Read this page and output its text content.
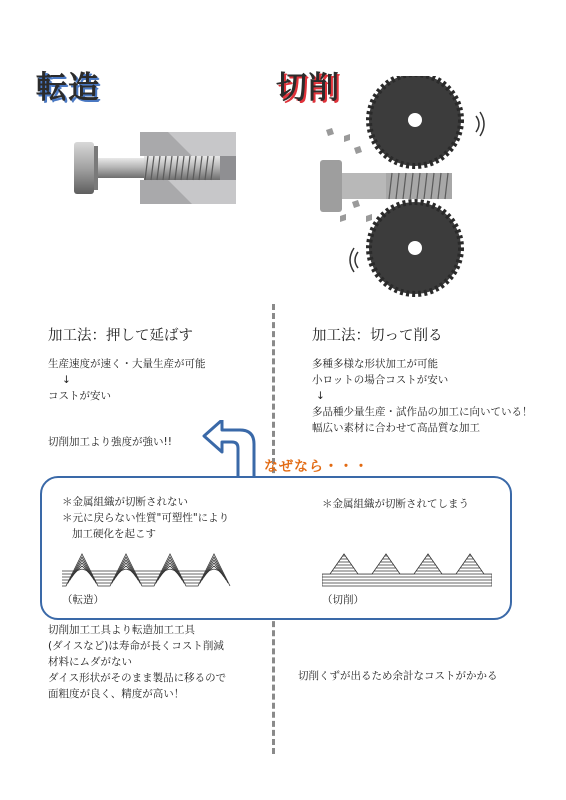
転造	切削
加工法：押して延ばす	加工法：切って削る
生産速度が速く・大量生産が可能
↓
コストが安い
多種多様な形状加工が可能
小ロットの場合コストが安い
↓
多品種少量生産・試作品の加工に向いている！
幅広い素材に合わせて高品質な加工
切削加工より強度が強い!!
なぜなら・・・
＊金属組織が切断されない
＊元に戻らない性質"可塑性"により
加工硬化を起こす
＊金属組織が切断されてしまう
（転造）	（切削）
切削加工工具より転造加工工具
(ダイスなど)は寿命が長くコスト削減
材料にムダがない
ダイス形状がそのまま製品に移るので
面粗度が良く、精度が高い！
切削くずが出るため余計なコストがかかる
